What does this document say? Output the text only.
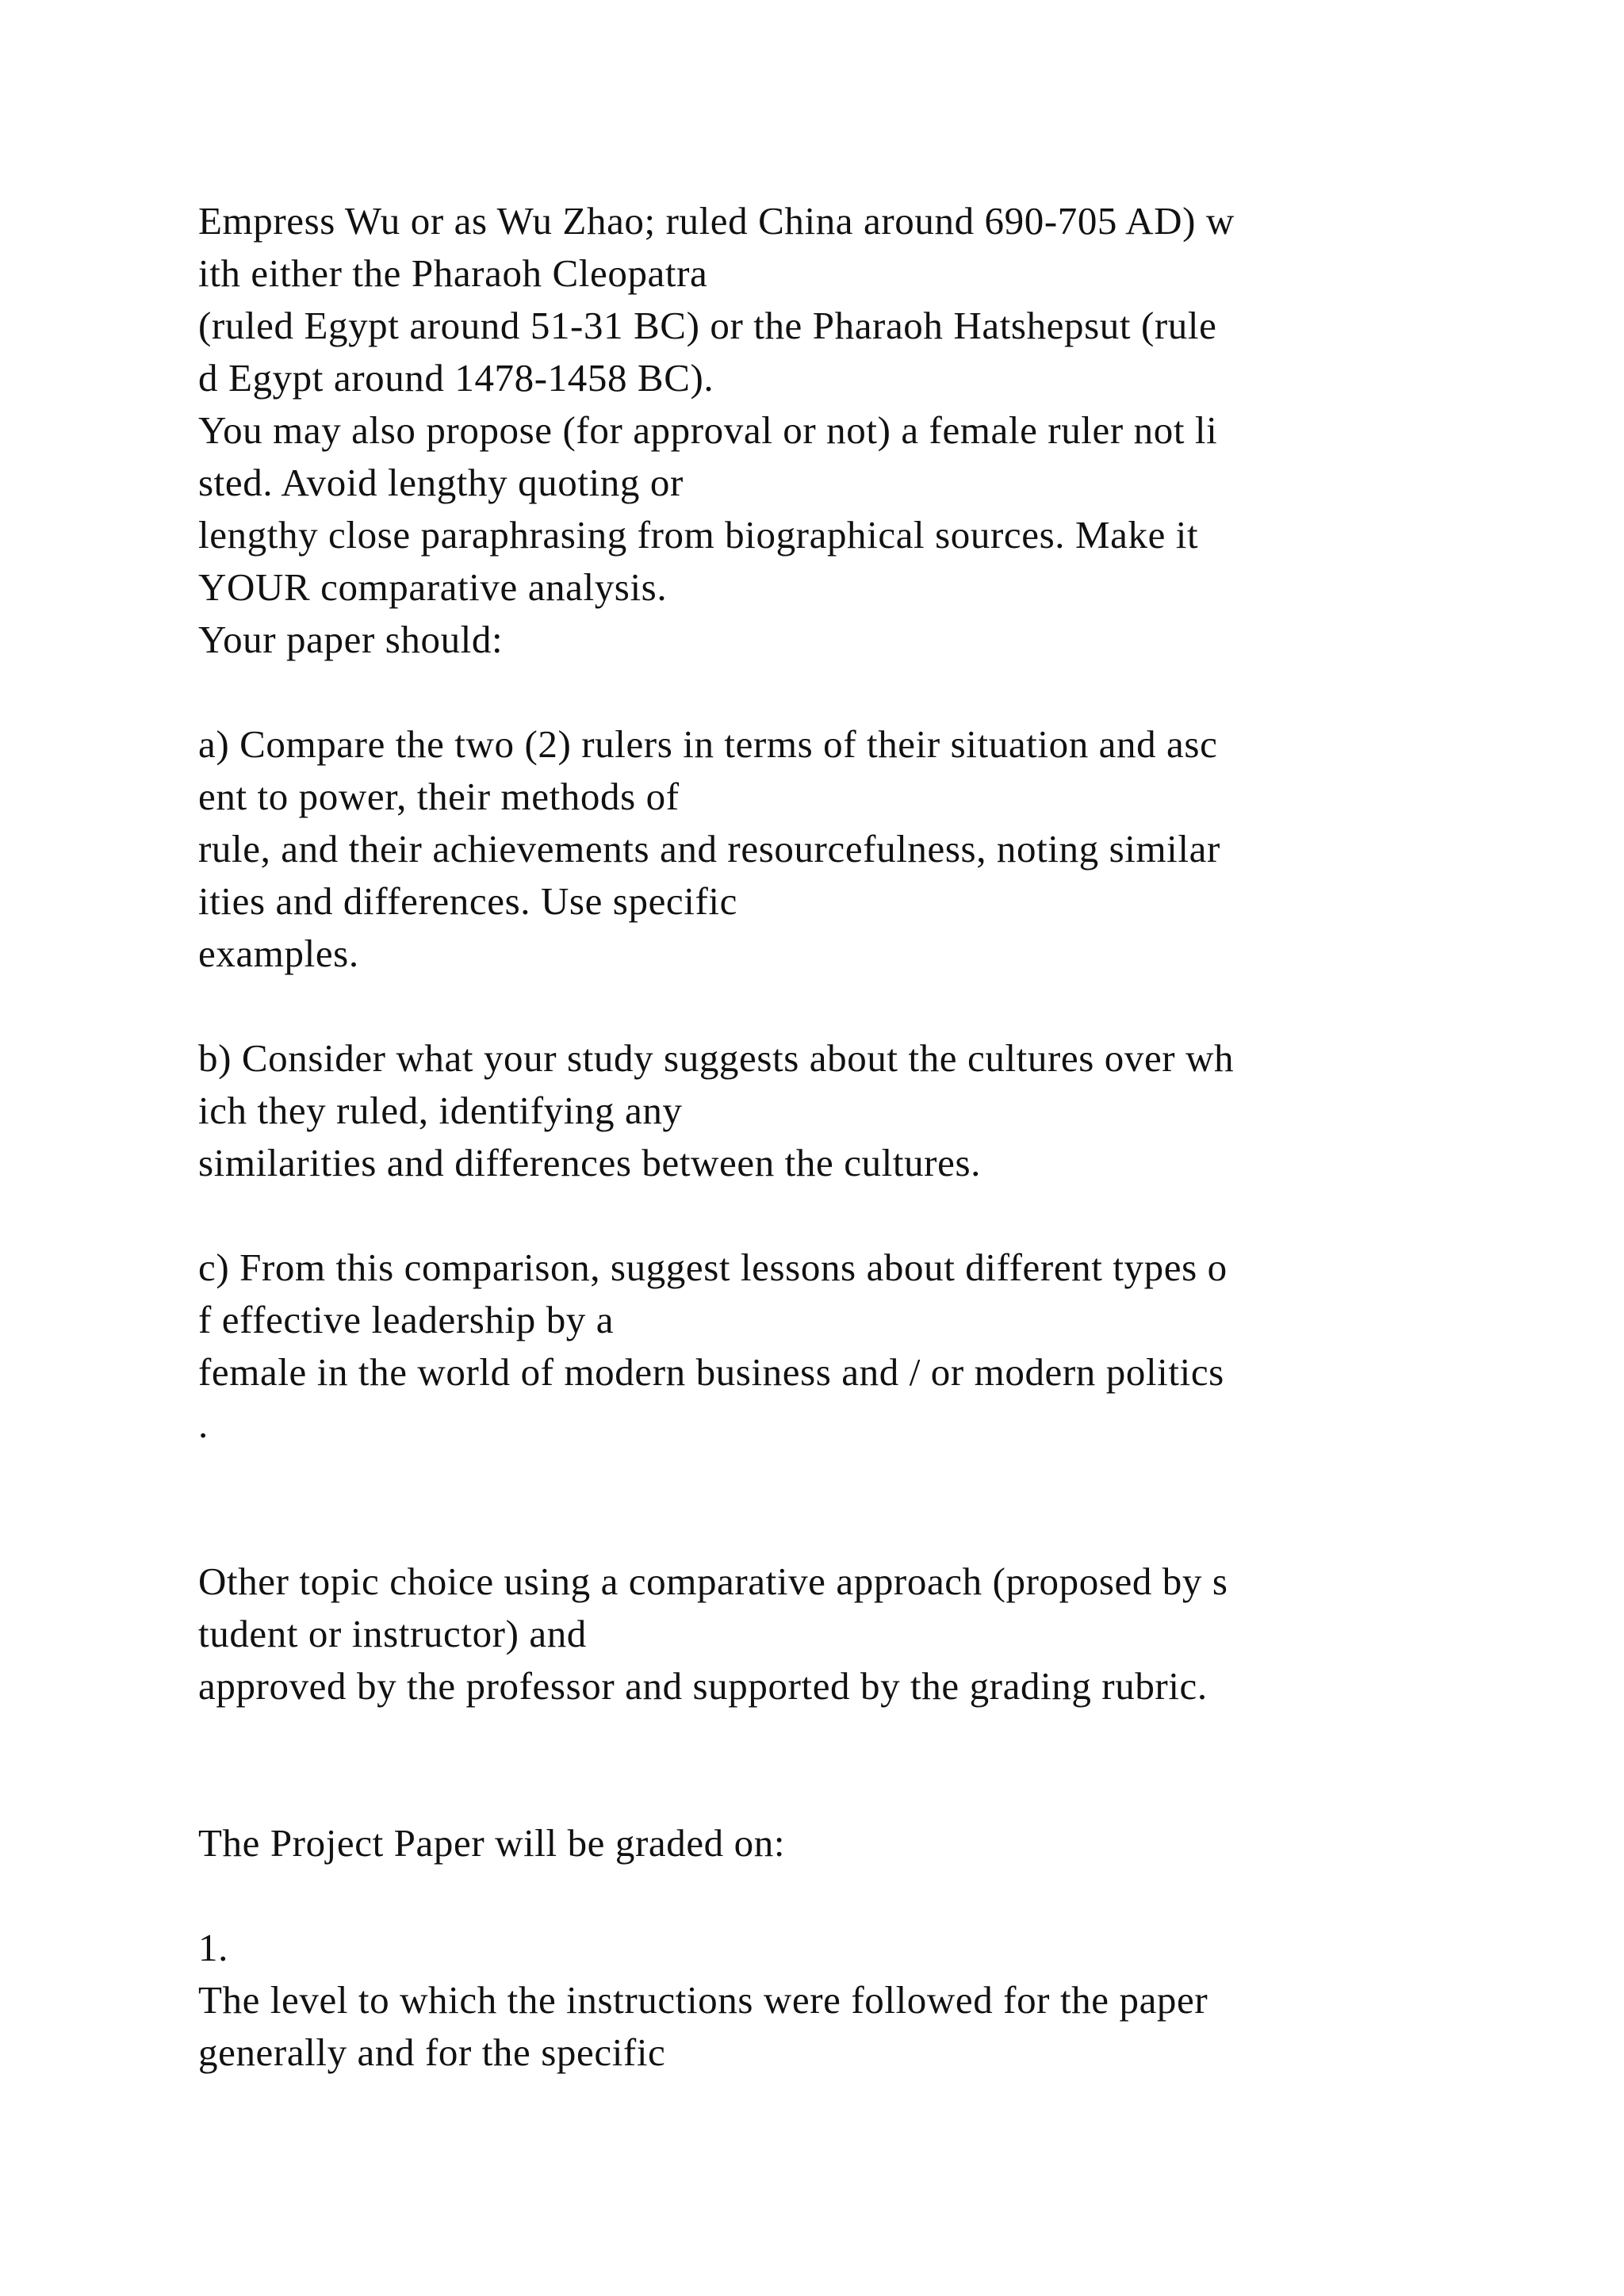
Empress Wu or as Wu Zhao; ruled China around 690-705 AD) w
ith either the Pharaoh Cleopatra
(ruled Egypt around 51-31 BC) or the Pharaoh Hatshepsut (rule
d Egypt around 1478-1458 BC).
You may also propose (for approval or not) a female ruler not li
sted. Avoid lengthy quoting or
lengthy close paraphrasing from biographical sources. Make it
YOUR comparative analysis.
Your paper should:
a) Compare the two (2) rulers in terms of their situation and asc
ent to power, their methods of
rule, and their achievements and resourcefulness, noting similar
ities and differences. Use specific
examples.
b) Consider what your study suggests about the cultures over wh
ich they ruled, identifying any
similarities and differences between the cultures.
c) From this comparison, suggest lessons about different types o
f effective leadership by a
female in the world of modern business and / or modern politics
.
Other topic choice using a comparative approach (proposed by s
tudent or instructor) and
approved by the professor and supported by the grading rubric.
The Project Paper will be graded on:
1.
The level to which the instructions were followed for the paper
generally and for the specific
